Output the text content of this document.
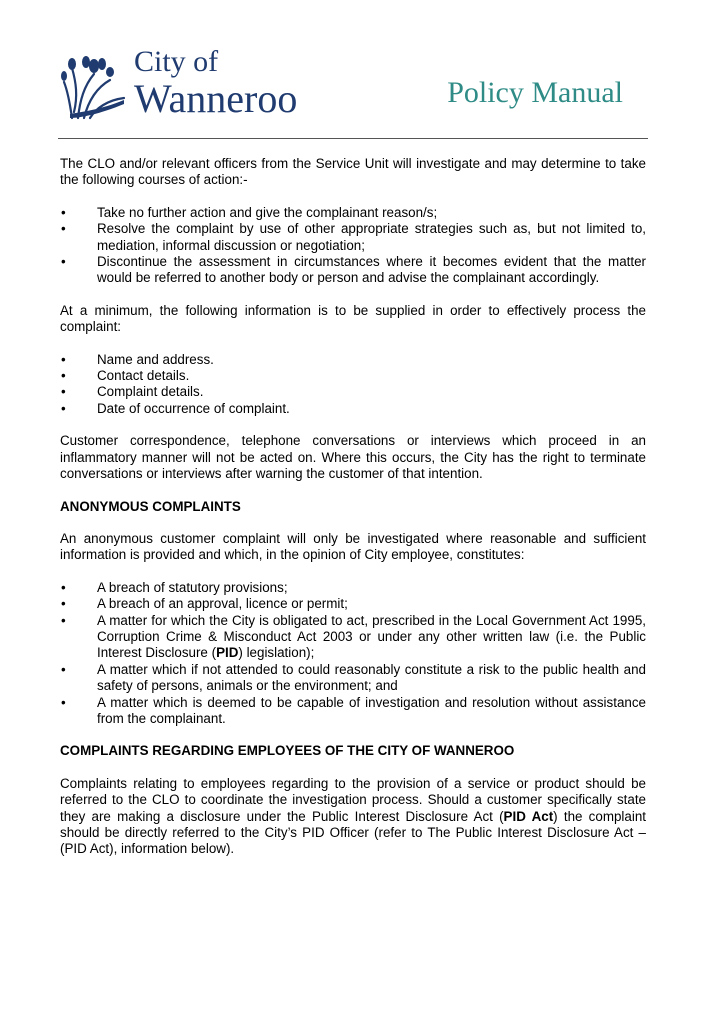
City of
Wanneroo	Policy Manual

The CLO and/or relevant officers from the Service Unit will investigate and may determine to take the following courses of action:-

• Take no further action and give the complainant reason/s;
• Resolve the complaint by use of other appropriate strategies such as, but not limited to, mediation, informal discussion or negotiation;
• Discontinue the assessment in circumstances where it becomes evident that the matter would be referred to another body or person and advise the complainant accordingly.

At a minimum, the following information is to be supplied in order to effectively process the complaint:

• Name and address.
• Contact details.
• Complaint details.
• Date of occurrence of complaint.

Customer correspondence, telephone conversations or interviews which proceed in an inflammatory manner will not be acted on. Where this occurs, the City has the right to terminate conversations or interviews after warning the customer of that intention.

ANONYMOUS COMPLAINTS

An anonymous customer complaint will only be investigated where reasonable and sufficient information is provided and which, in the opinion of City employee, constitutes:

• A breach of statutory provisions;
• A breach of an approval, licence or permit;
• A matter for which the City is obligated to act, prescribed in the Local Government Act 1995, Corruption Crime & Misconduct Act 2003 or under any other written law (i.e. the Public Interest Disclosure (PID) legislation);
• A matter which if not attended to could reasonably constitute a risk to the public health and safety of persons, animals or the environment; and
• A matter which is deemed to be capable of investigation and resolution without assistance from the complainant.
COMPLAINTS REGARDING EMPLOYEES OF THE CITY OF WANNEROO

Complaints relating to employees regarding to the provision of a service or product should be referred to the CLO to coordinate the investigation process. Should a customer specifically state they are making a disclosure under the Public Interest Disclosure Act (PID Act) the complaint should be directly referred to the City’s PID Officer (refer to The Public Interest Disclosure Act – (PID Act), information below).
